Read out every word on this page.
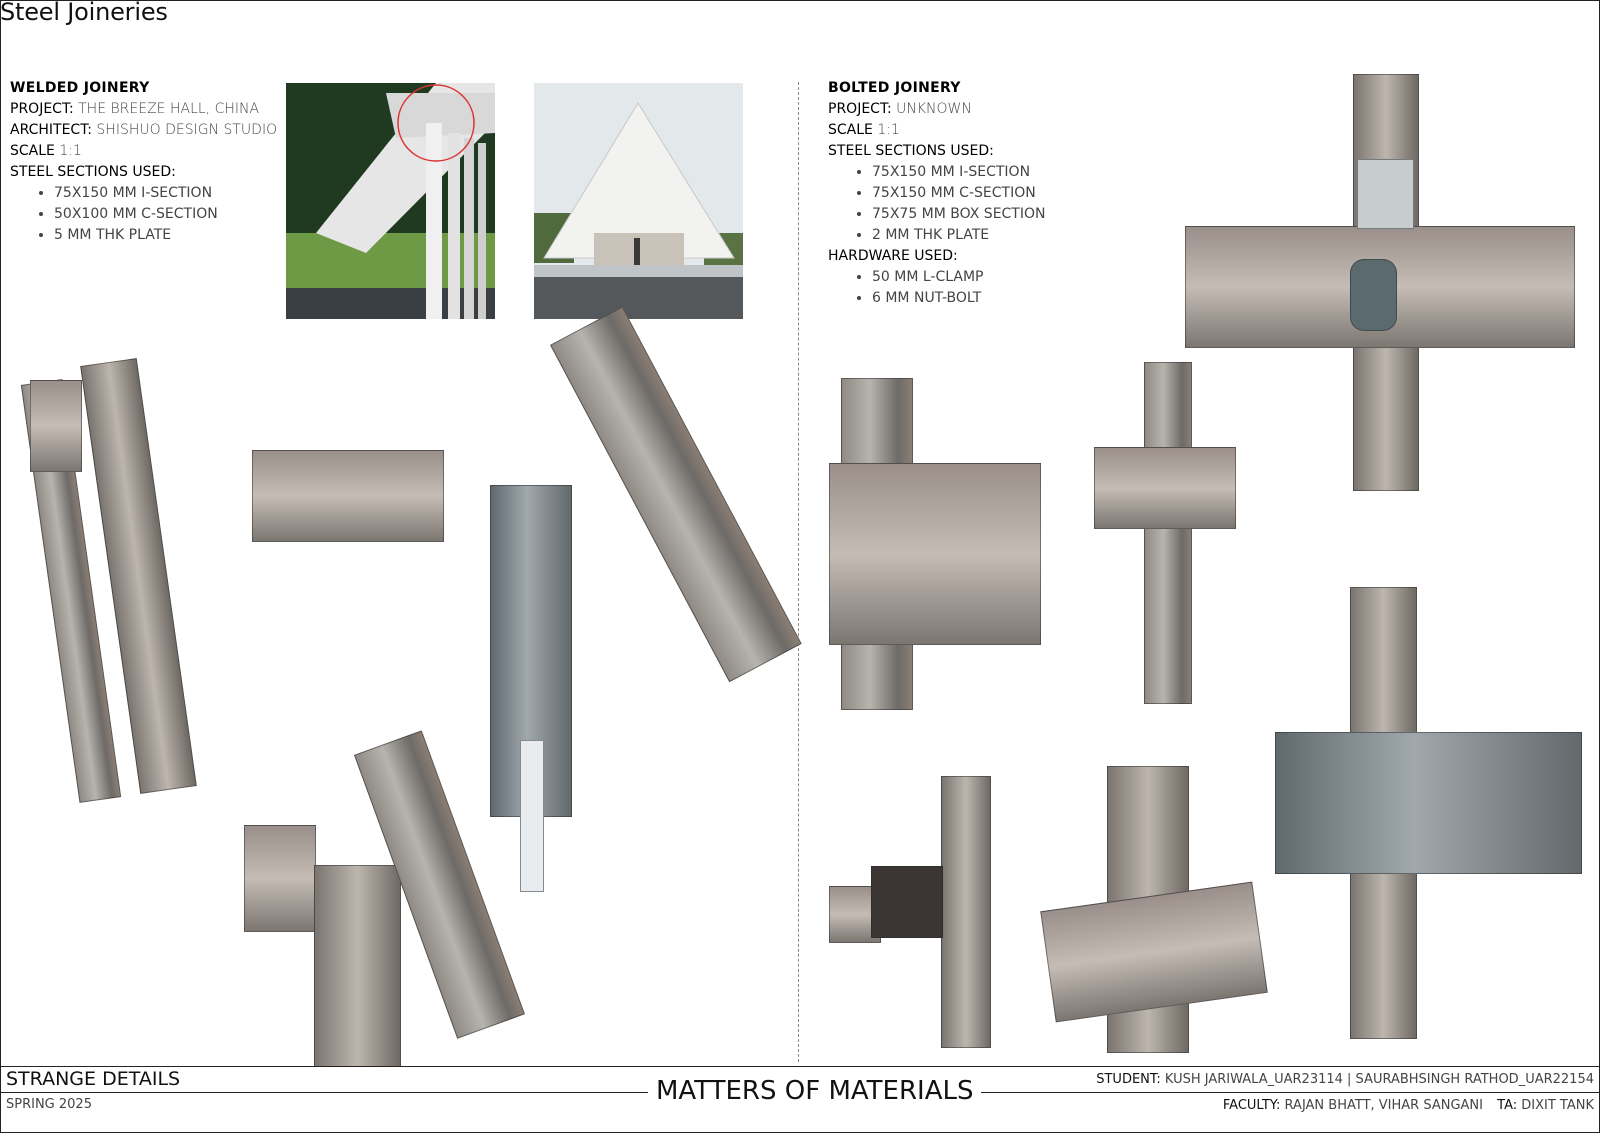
Steel Joineries
WELDED JOINERY
PROJECT: THE BREEZE HALL, CHINA
ARCHITECT: SHISHUO DESIGN STUDIO
SCALE 1:1
STEEL SECTIONS USED:
• 75X150 MM I-SECTION
• 50X100 MM C-SECTION
• 5 MM THK PLATE
BOLTED JOINERY
PROJECT: UNKNOWN
SCALE 1:1
STEEL SECTIONS USED:
• 75X150 MM I-SECTION
• 75X150 MM C-SECTION
• 75X75 MM BOX SECTION
• 2 MM THK PLATE
HARDWARE USED:
• 50 MM L-CLAMP
• 6 MM NUT-BOLT
STRANGE DETAILS
SPRING 2025	MATTERS OF MATERIALS	STUDENT: KUSH JARIWALA_UAR23114 | SAURABHSINGH RATHOD_UAR22154
FACULTY: RAJAN BHATT, VIHAR SANGANI TA: DIXIT TANK
